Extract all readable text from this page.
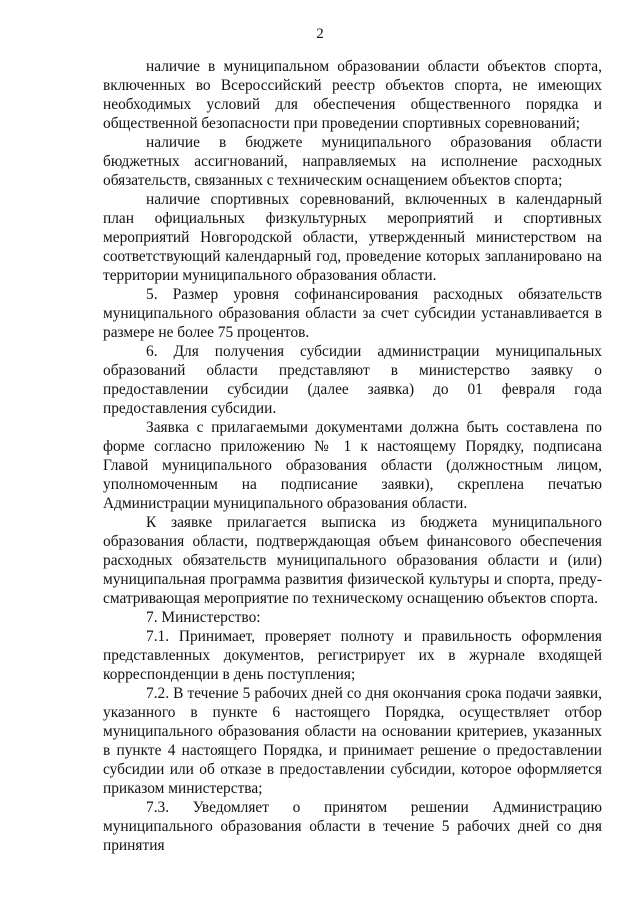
2

наличие в муниципальном образовании области объектов спорта, включенных во Всероссийский реестр объектов спорта, не имеющих необходимых условий для обеспечения общественного порядка и общественной безопасности при проведении спортивных соревнований;

наличие в бюджете муниципального образования области бюджетных ассигнований, направляемых на исполнение расходных обязательств, связанных с техническим оснащением объектов спорта;

наличие спортивных соревнований, включенных в календарный план официальных физкультурных мероприятий и спортивных мероприятий Новгородской области, утвержденный министерством на соответствующий календарный год, проведение которых запланировано на территории муниципального образования области.

5. Размер уровня софинансирования расходных обязательств муниципального образования области за счет субсидии устанавливается в размере не более 75 процентов.

6. Для получения субсидии администрации муниципальных образований области представляют в министерство заявку о предоставлении субсидии (далее заявка) до 01 февраля года предоставления субсидии.

Заявка с прилагаемыми документами должна быть составлена по форме согласно приложению № 1 к настоящему Порядку, подписана Главой муниципального образования области (должностным лицом, уполномоченным на подписание заявки), скреплена печатью Администрации муниципального образования области.

К заявке прилагается выписка из бюджета муниципального образования области, подтверждающая объем финансового обеспечения расходных обязательств муниципального образования области и (или) муниципальная программа развития физической культуры и спорта, предусматривающая мероприятие по техническому оснащению объектов спорта.

7. Министерство:

7.1. Принимает, проверяет полноту и правильность оформления представленных документов, регистрирует их в журнале входящей корреспонденции в день поступления;

7.2. В течение 5 рабочих дней со дня окончания срока подачи заявки, указанного в пункте 6 настоящего Порядка, осуществляет отбор муниципального образования области на основании критериев, указанных в пункте 4 настоящего Порядка, и принимает решение о предоставлении субсидии или об отказе в предоставлении субсидии, которое оформляется приказом министерства;

7.3. Уведомляет о принятом решении Администрацию муниципального образования области в течение 5 рабочих дней со дня принятия
